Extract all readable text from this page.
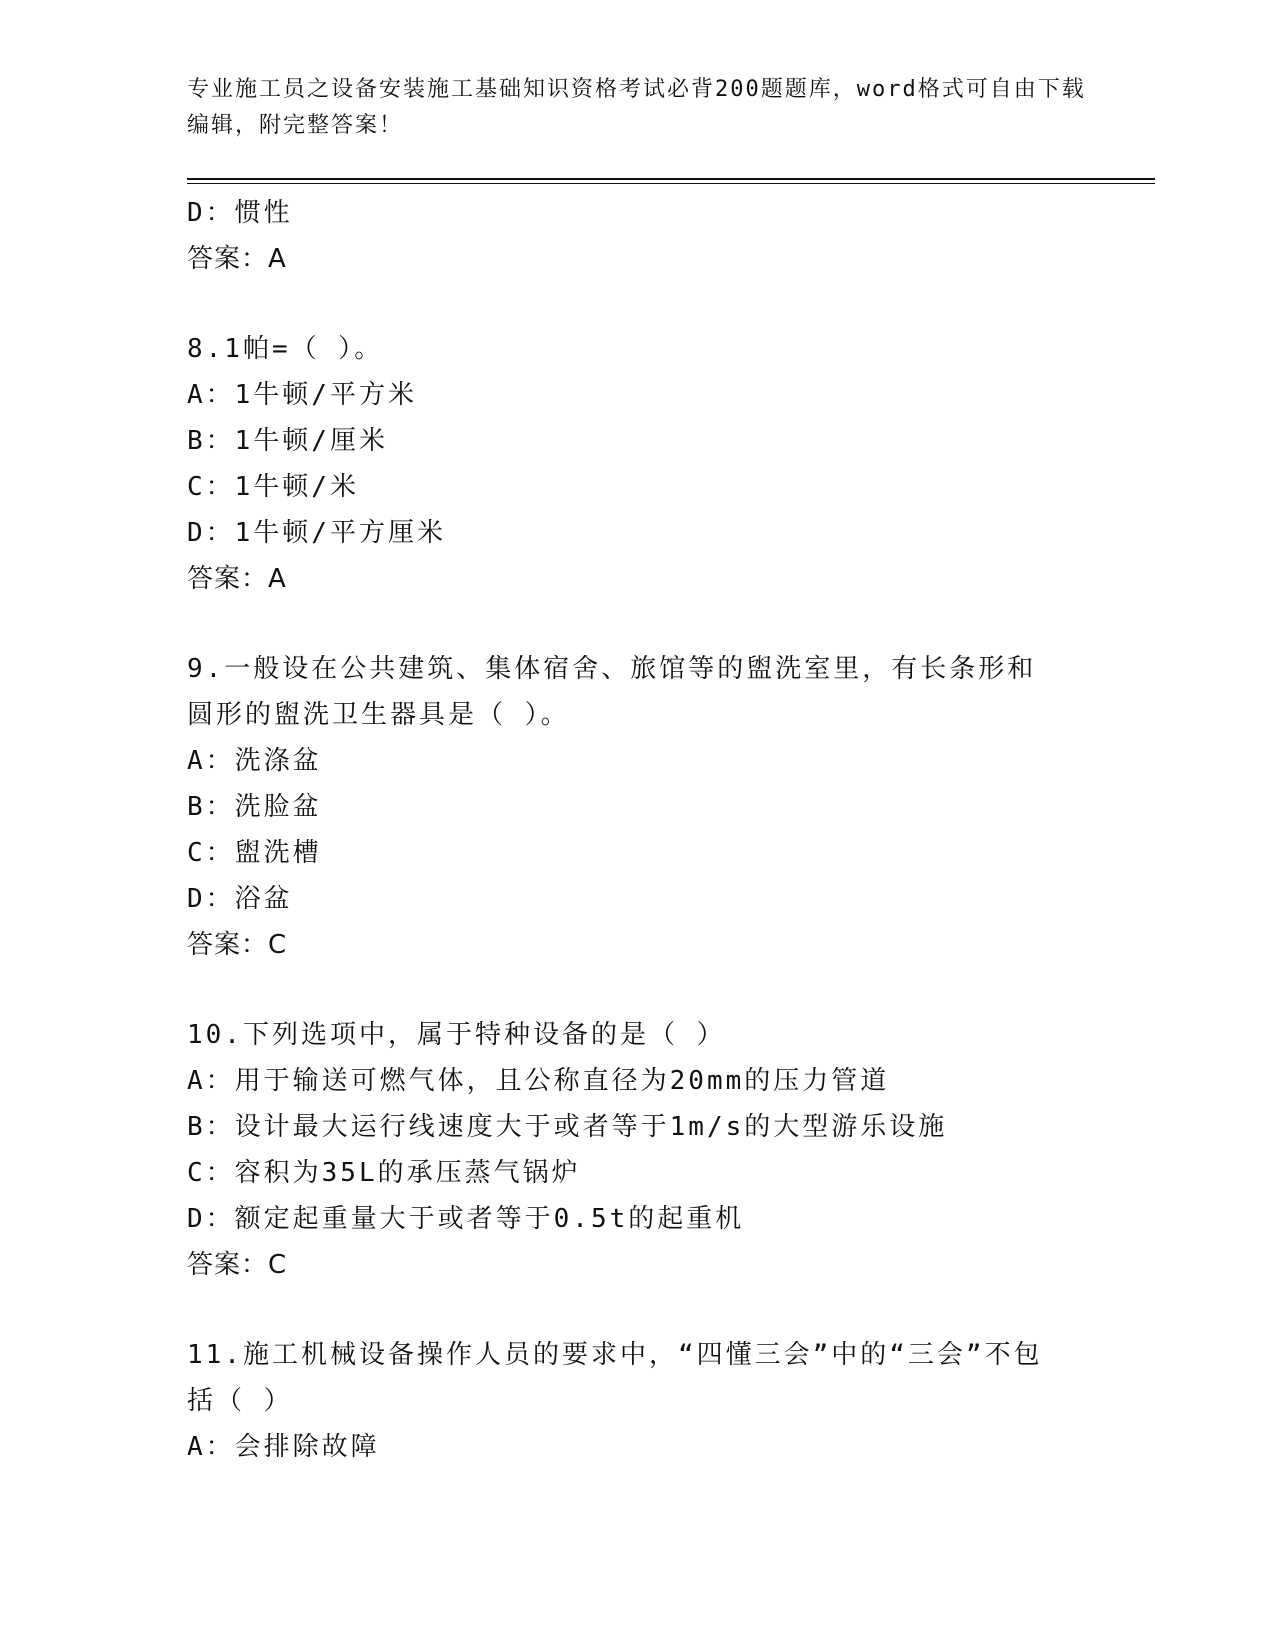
专业施工员之设备安装施工基础知识资格考试必背200题题库，word格式可自由下载编辑，附完整答案！
D：惯性
答案：A
8.1帕=（ ）。
A：1牛顿/平方米
B：1牛顿/厘米
C：1牛顿/米
D：1牛顿/平方厘米
答案：A
9.一般设在公共建筑、集体宿舍、旅馆等的盥洗室里，有长条形和圆形的盥洗卫生器具是（ ）。
A：洗涤盆
B：洗脸盆
C：盥洗槽
D：浴盆
答案：C
10.下列选项中，属于特种设备的是（ ）
A：用于输送可燃气体，且公称直径为20mm的压力管道
B：设计最大运行线速度大于或者等于1m/s的大型游乐设施
C：容积为35L的承压蒸气锅炉
D：额定起重量大于或者等于0.5t的起重机
答案：C
11.施工机械设备操作人员的要求中，“四懂三会”中的“三会”不包括（ ）
A：会排除故障
